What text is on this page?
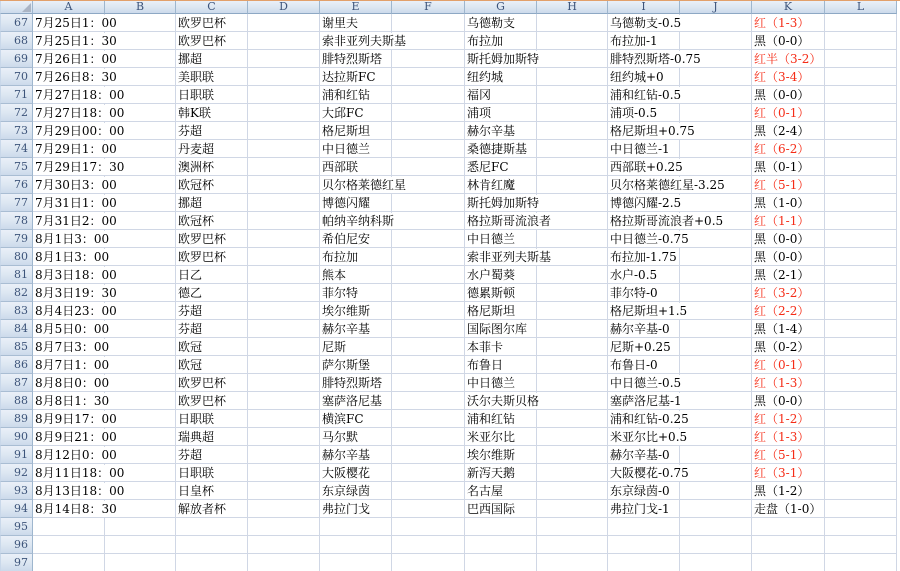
A	B	C	D	E	F	G	H	I	J	K	L
67 7月25日1：00	欧罗巴杯	谢里夫	乌德勒支	乌德勒支-0.5	红（1-3）
68 7月25日1：30	欧罗巴杯	索非亚列夫斯基	布拉加	布拉加-1	黑（0-0）
69 7月26日1：00	挪超	腓特烈斯塔	斯托姆加斯特	腓特烈斯塔-0.75	红半（3-2）
70 7月26日8：30	美职联	达拉斯FC	纽约城	纽约城+0	红（3-4）
71 7月27日18：00	日职联	浦和红钻	福冈	浦和红钻-0.5	黑（0-0）
72 7月27日18：00	韩K联	大邱FC	浦项	浦项-0.5	红（0-1）
73 7月29日00：00	芬超	格尼斯坦	赫尔辛基	格尼斯坦+0.75	黑（2-4）
74 7月29日1：00	丹麦超	中日德兰	桑德捷斯基	中日德兰-1	红（6-2）
75 7月29日17：30	澳洲杯	西部联	悉尼FC	西部联+0.25	黑（0-1）
76 7月30日3：00	欧冠杯	贝尔格莱德红星	林肯红魔	贝尔格莱德红星-3.25 红（5-1）
77 7月31日1：00	挪超	博德闪耀	斯托姆加斯特	博德闪耀-2.5	黑（1-0）
78 7月31日2：00	欧冠杯	帕纳辛纳科斯	格拉斯哥流浪者	格拉斯哥流浪者+0.5	红（1-1）
79 8月1日3：00	欧罗巴杯	希伯尼安	中日德兰	中日德兰-0.75	黑（0-0）
80 8月1日3：00	欧罗巴杯	布拉加	索非亚列夫斯基	布拉加-1.75	黑（0-0）
81 8月3日18：00	日乙	熊本	水户蜀葵	水户-0.5	黑（2-1）
82 8月3日19：30	德乙	菲尔特	德累斯顿	菲尔特-0	红（3-2）
83 8月4日23：00	芬超	埃尔维斯	格尼斯坦	格尼斯坦+1.5	红（2-2）
84 8月5日0：00	芬超	赫尔辛基	国际图尔库	赫尔辛基-0	黑（1-4）
85 8月7日3：00	欧冠	尼斯	本菲卡	尼斯+0.25	黑（0-2）
86 8月7日1：00	欧冠	萨尔斯堡	布鲁日	布鲁日-0	红（0-1）
87 8月8日0：00	欧罗巴杯	腓特烈斯塔	中日德兰	中日德兰-0.5	红（1-3）
88 8月8日1：30	欧罗巴杯	塞萨洛尼基	沃尔夫斯贝格	塞萨洛尼基-1	黑（0-0）
89 8月9日17：00	日职联	横滨FC	浦和红钻	浦和红钻-0.25	红（1-2）
90 8月9日21：00	瑞典超	马尔默	米亚尔比	米亚尔比+0.5	红（1-3）
91 8月12日0：00	芬超	赫尔辛基	埃尔维斯	赫尔辛基-0	红（5-1）
92 8月11日18：00	日职联	大阪樱花	新泻天鹅	大阪樱花-0.75	红（3-1）
93 8月13日18：00	日皇杯	东京绿茵	名古屋	东京绿茵-0	黑（1-2）
94 8月14日8：30	解放者杯	弗拉门戈	巴西国际	弗拉门戈-1	走盘（1-0）
95
96
97
